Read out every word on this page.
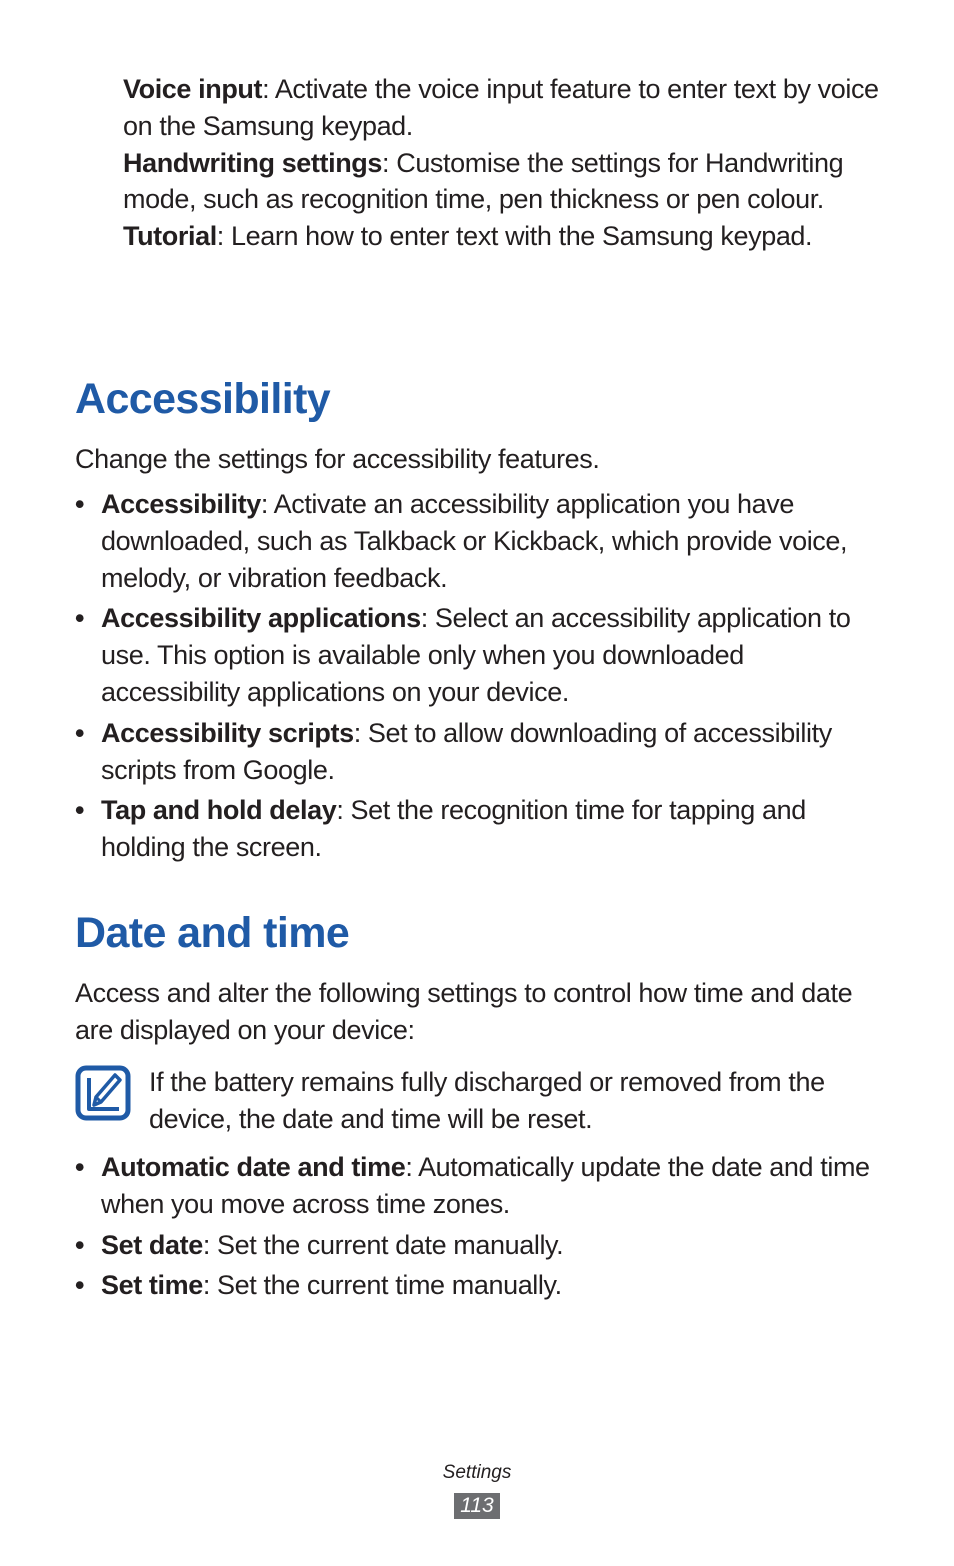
Voice input: Activate the voice input feature to enter text by voice on the Samsung keypad.

Handwriting settings: Customise the settings for Handwriting mode, such as recognition time, pen thickness or pen colour.

Tutorial: Learn how to enter text with the Samsung keypad.

Accessibility

Change the settings for accessibility features.

• Accessibility: Activate an accessibility application you have downloaded, such as Talkback or Kickback, which provide voice, melody, or vibration feedback.
• Accessibility applications: Select an accessibility application to use. This option is available only when you downloaded accessibility applications on your device.
• Accessibility scripts: Set to allow downloading of accessibility scripts from Google.
• Tap and hold delay: Set the recognition time for tapping and holding the screen.
Date and time

Access and alter the following settings to control how time and date are displayed on your device:

If the battery remains fully discharged or removed from the device, the date and time will be reset.
• Automatic date and time: Automatically update the date and time when you move across time zones.
• Set date: Set the current date manually.
• Set time: Set the current time manually.
Settings
113
